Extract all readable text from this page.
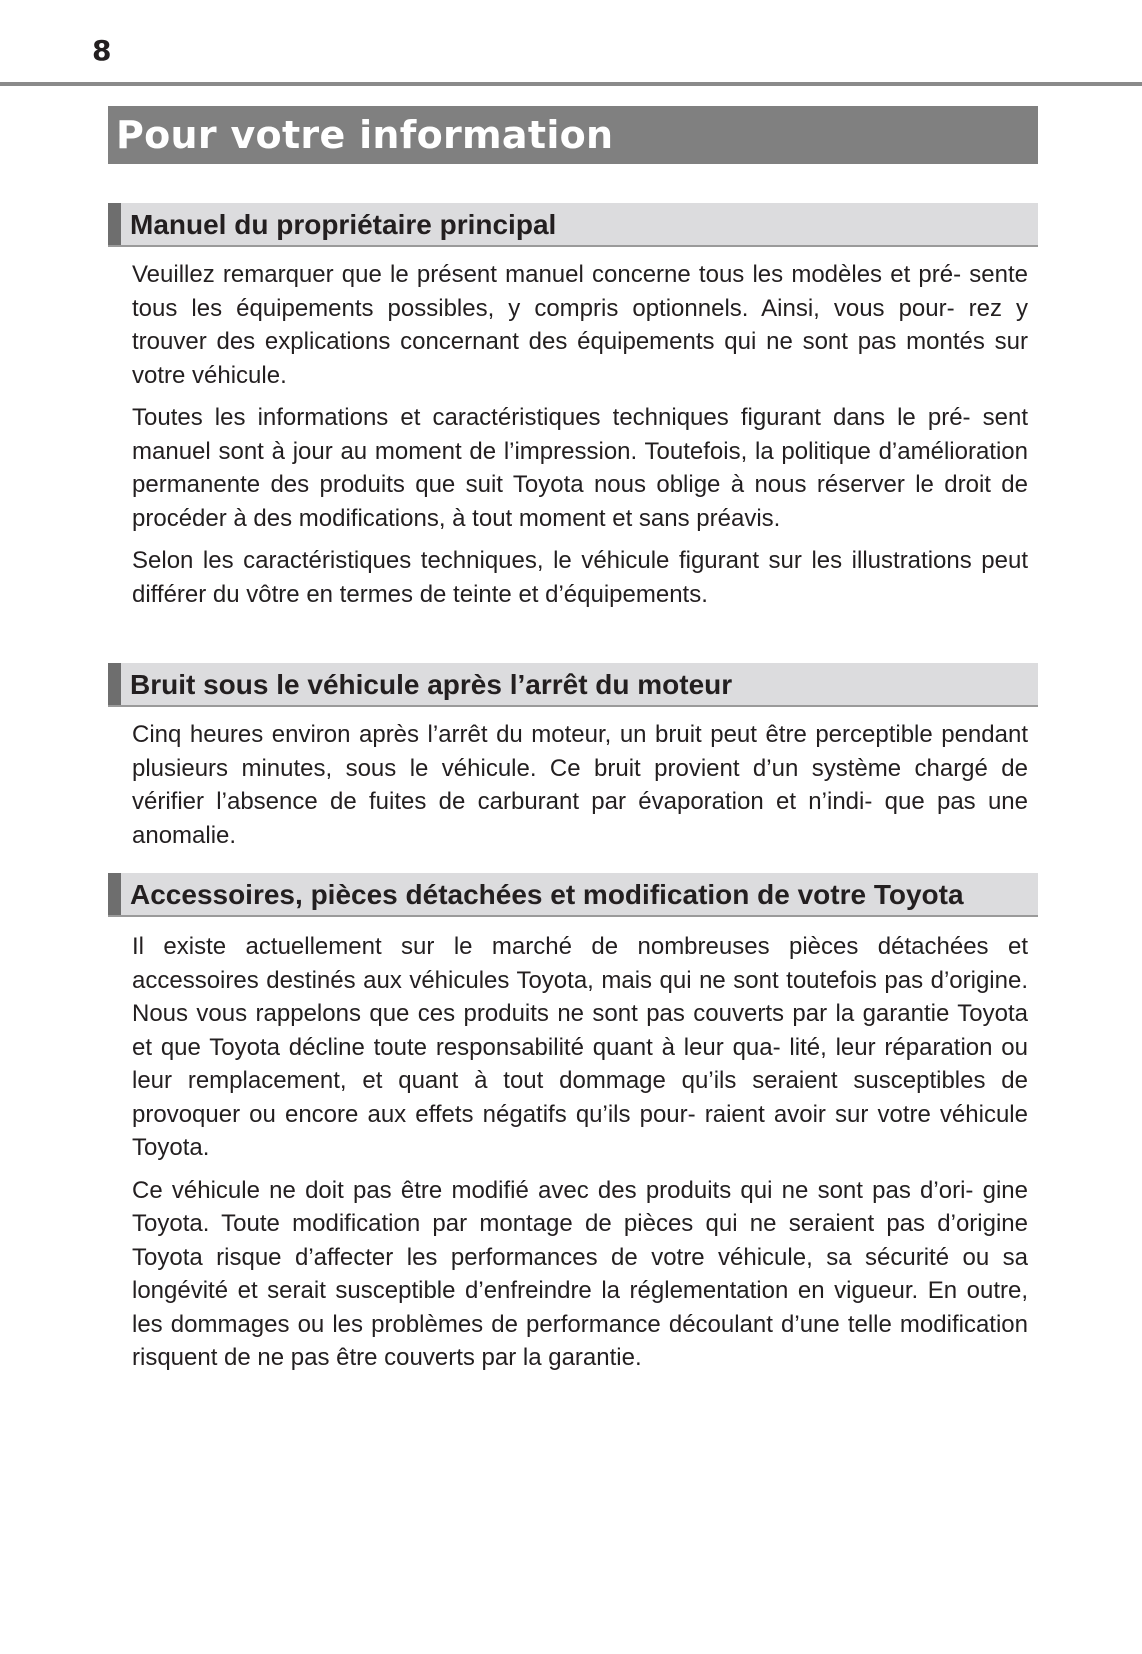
8
Pour votre information
Manuel du propriétaire principal

Veuillez remarquer que le présent manuel concerne tous les modèles et pré- sente tous les équipements possibles, y compris optionnels. Ainsi, vous pour- rez y trouver des explications concernant des équipements qui ne sont pas montés sur votre véhicule.

Toutes les informations et caractéristiques techniques figurant dans le pré- sent manuel sont à jour au moment de l’impression. Toutefois, la politique d’amélioration permanente des produits que suit Toyota nous oblige à nous réserver le droit de procéder à des modifications, à tout moment et sans préavis.

Selon les caractéristiques techniques, le véhicule figurant sur les illustrations peut différer du vôtre en termes de teinte et d’équipements.

Bruit sous le véhicule après l’arrêt du moteur

Cinq heures environ après l’arrêt du moteur, un bruit peut être perceptible pendant plusieurs minutes, sous le véhicule. Ce bruit provient d’un système chargé de vérifier l’absence de fuites de carburant par évaporation et n’indi- que pas une anomalie.

Accessoires, pièces détachées et modification de votre Toyota

Il existe actuellement sur le marché de nombreuses pièces détachées et accessoires destinés aux véhicules Toyota, mais qui ne sont toutefois pas d’origine. Nous vous rappelons que ces produits ne sont pas couverts par la garantie Toyota et que Toyota décline toute responsabilité quant à leur qua- lité, leur réparation ou leur remplacement, et quant à tout dommage qu’ils seraient susceptibles de provoquer ou encore aux effets négatifs qu’ils pour- raient avoir sur votre véhicule Toyota.

Ce véhicule ne doit pas être modifié avec des produits qui ne sont pas d’ori- gine Toyota. Toute modification par montage de pièces qui ne seraient pas d’origine Toyota risque d’affecter les performances de votre véhicule, sa sécurité ou sa longévité et serait susceptible d’enfreindre la réglementation en vigueur. En outre, les dommages ou les problèmes de performance découlant d’une telle modification risquent de ne pas être couverts par la garantie.
